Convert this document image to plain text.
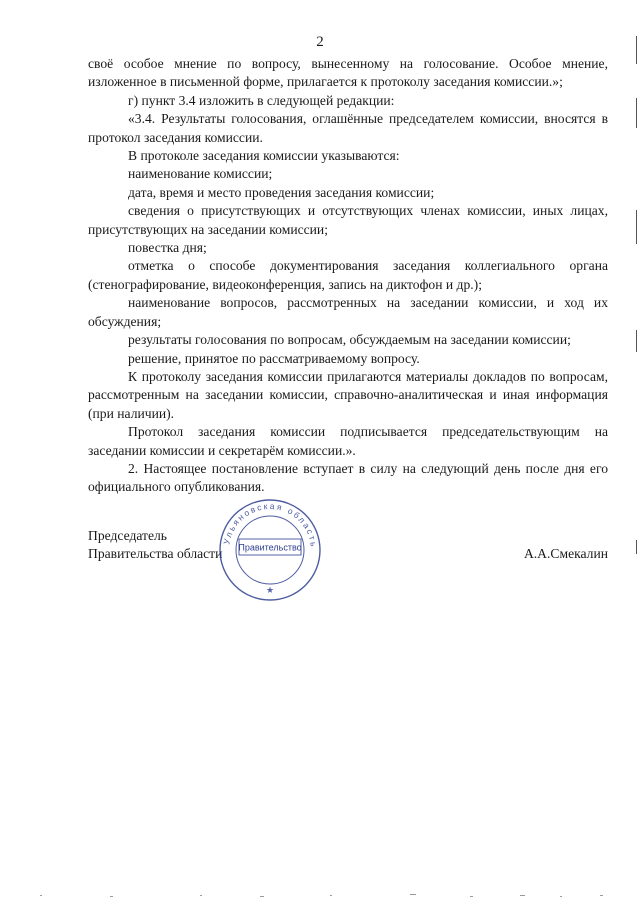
2

своё особое мнение по вопросу, вынесенному на голосование. Особое мнение, изложенное в письменной форме, прилагается к протоколу заседания комиссии.»;

г) пункт 3.4 изложить в следующей редакции:

«3.4. Результаты голосования, оглашённые председателем комиссии, вносятся в протокол заседания комиссии.

В протоколе заседания комиссии указываются:

наименование комиссии;

дата, время и место проведения заседания комиссии;

сведения о присутствующих и отсутствующих членах комиссии, иных лицах, присутствующих на заседании комиссии;

повестка дня;

отметка о способе документирования заседания коллегиального органа (стенографирование, видеоконференция, запись на диктофон и др.);

наименование вопросов, рассмотренных на заседании комиссии, и ход их обсуждения;

результаты голосования по вопросам, обсуждаемым на заседании комиссии;

решение, принятое по рассматриваемому вопросу.

К протоколу заседания комиссии прилагаются материалы докладов по вопросам, рассмотренным на заседании комиссии, справочно-аналитическая и иная информация (при наличии).

Протокол заседания комиссии подписывается председательствующим на заседании комиссии и секретарём комиссии.».

2. Настоящее постановление вступает в силу на следующий день после дня его официального опубликования.

Председатель
Правительства области	А.А.Смекалин
Ульяновская область
Правительство
★
